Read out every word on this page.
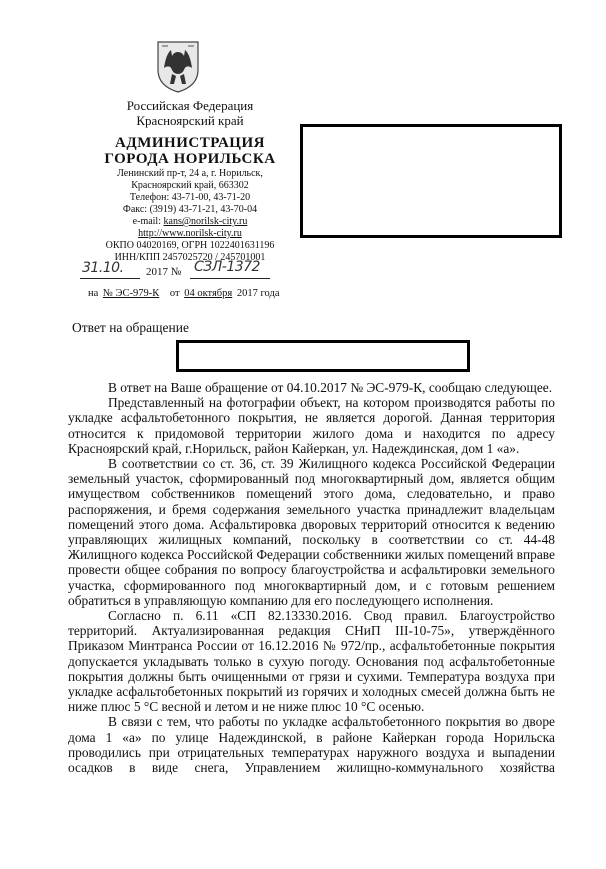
Российская Федерация
Красноярский край
АДМИНИСТРАЦИЯ
ГОРОДА НОРИЛЬСКА
Ленинский пр-т, 24 а, г. Норильск,
Красноярский край, 663302
Телефон: 43-71-00, 43-71-20
Факс: (3919) 43-71-21, 43-70-04
e-mail: kans@norilsk-city.ru
http://www.norilsk-city.ru
ОКПО 04020169, ОГРН 1022401631196
ИНН/КПП 2457025720 / 245701001
31.10. 2017 № СЗЛ-1372
на № ЭС-979-К от 04 октября 2017 года
Ответ на обращение

В ответ на Ваше обращение от 04.10.2017 № ЭС-979-К, сообщаю следующее.

Представленный на фотографии объект, на котором производятся работы по укладке асфальтобетонного покрытия, не является дорогой. Данная территория относится к придомовой территории жилого дома и находится по адресу Красноярский край, г.Норильск, район Кайеркан, ул. Надеждинская, дом 1 «а».

В соответствии со ст. 36, ст. 39 Жилищного кодекса Российской Федерации земельный участок, сформированный под многоквартирный дом, является общим имуществом собственников помещений этого дома, следовательно, и право распоряжения, и бремя содержания земельного участка принадлежит владельцам помещений этого дома. Асфальтировка дворовых территорий относится к ведению управляющих жилищных компаний, поскольку в соответствии со ст. 44-48 Жилищного кодекса Российской Федерации собственники жилых помещений вправе провести общее собрания по вопросу благоустройства и асфальтировки земельного участка, сформированного под многоквартирный дом, и с готовым решением обратиться в управляющую компанию для его последующего исполнения.

Согласно п. 6.11 «СП 82.13330.2016. Свод правил. Благоустройство территорий. Актуализированная редакция СНиП III-10-75», утверждённого Приказом Минтранса России от 16.12.2016 № 972/пр., асфальтобетонные покрытия допускается укладывать только в сухую погоду. Основания под асфальтобетонные покрытия должны быть очищенными от грязи и сухими. Температура воздуха при укладке асфальтобетонных покрытий из горячих и холодных смесей должна быть не ниже плюс 5 °С весной и летом и не ниже плюс 10 °С осенью.

В связи с тем, что работы по укладке асфальтобетонного покрытия во дворе дома 1 «а» по улице Надеждинской, в районе Кайеркан города Норильска проводились при отрицательных температурах наружного воздуха и выпадении осадков в виде снега, Управлением жилищно-коммунального хозяйства
